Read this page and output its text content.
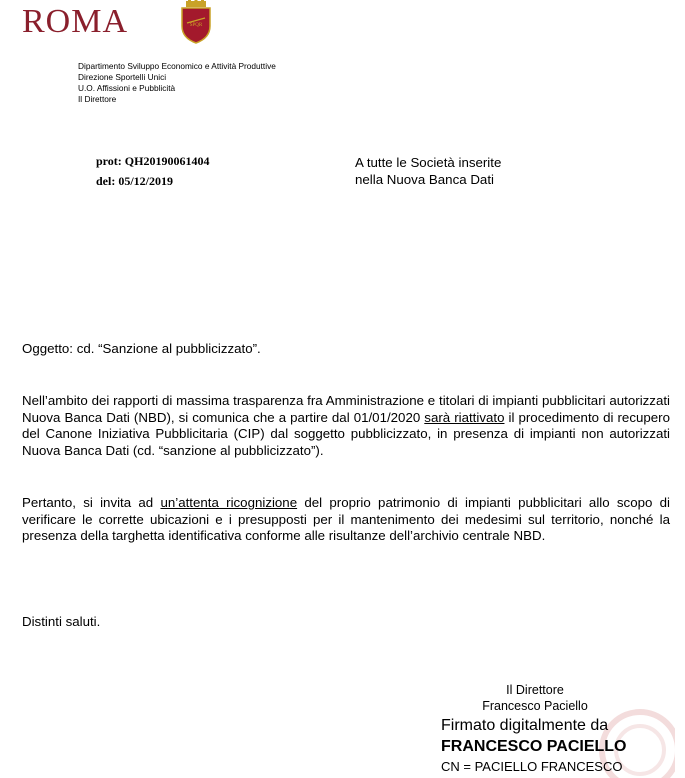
ROMA	SPQR
Dipartimento Sviluppo Economico e Attività Produttive
Direzione Sportelli Unici
U.O. Affissioni e Pubblicità
Il Direttore
prot: QH20190061404
del: 05/12/2019
A tutte le Società inserite
nella Nuova Banca Dati
Oggetto: cd. “Sanzione al pubblicizzato”.
Nell’ambito dei rapporti di massima trasparenza fra Amministrazione e titolari di impianti pubblicitari autorizzati Nuova Banca Dati (NBD), si comunica che a partire dal 01/01/2020 sarà riattivato il procedimento di recupero del Canone Iniziativa Pubblicitaria (CIP) dal soggetto pubblicizzato, in presenza di impianti non autorizzati Nuova Banca Dati (cd. “sanzione al pubblicizzato”).
Pertanto, si invita ad un’attenta ricognizione del proprio patrimonio di impianti pubblicitari allo scopo di verificare le corrette ubicazioni e i presupposti per il mantenimento dei medesimi sul territorio, nonché la presenza della targhetta identificativa conforme alle risultanze dell’archivio centrale NBD.
Distinti saluti.
Il Direttore
Francesco Paciello
Firmato digitalmente da
FRANCESCO PACIELLO
CN = PACIELLO FRANCESCO
